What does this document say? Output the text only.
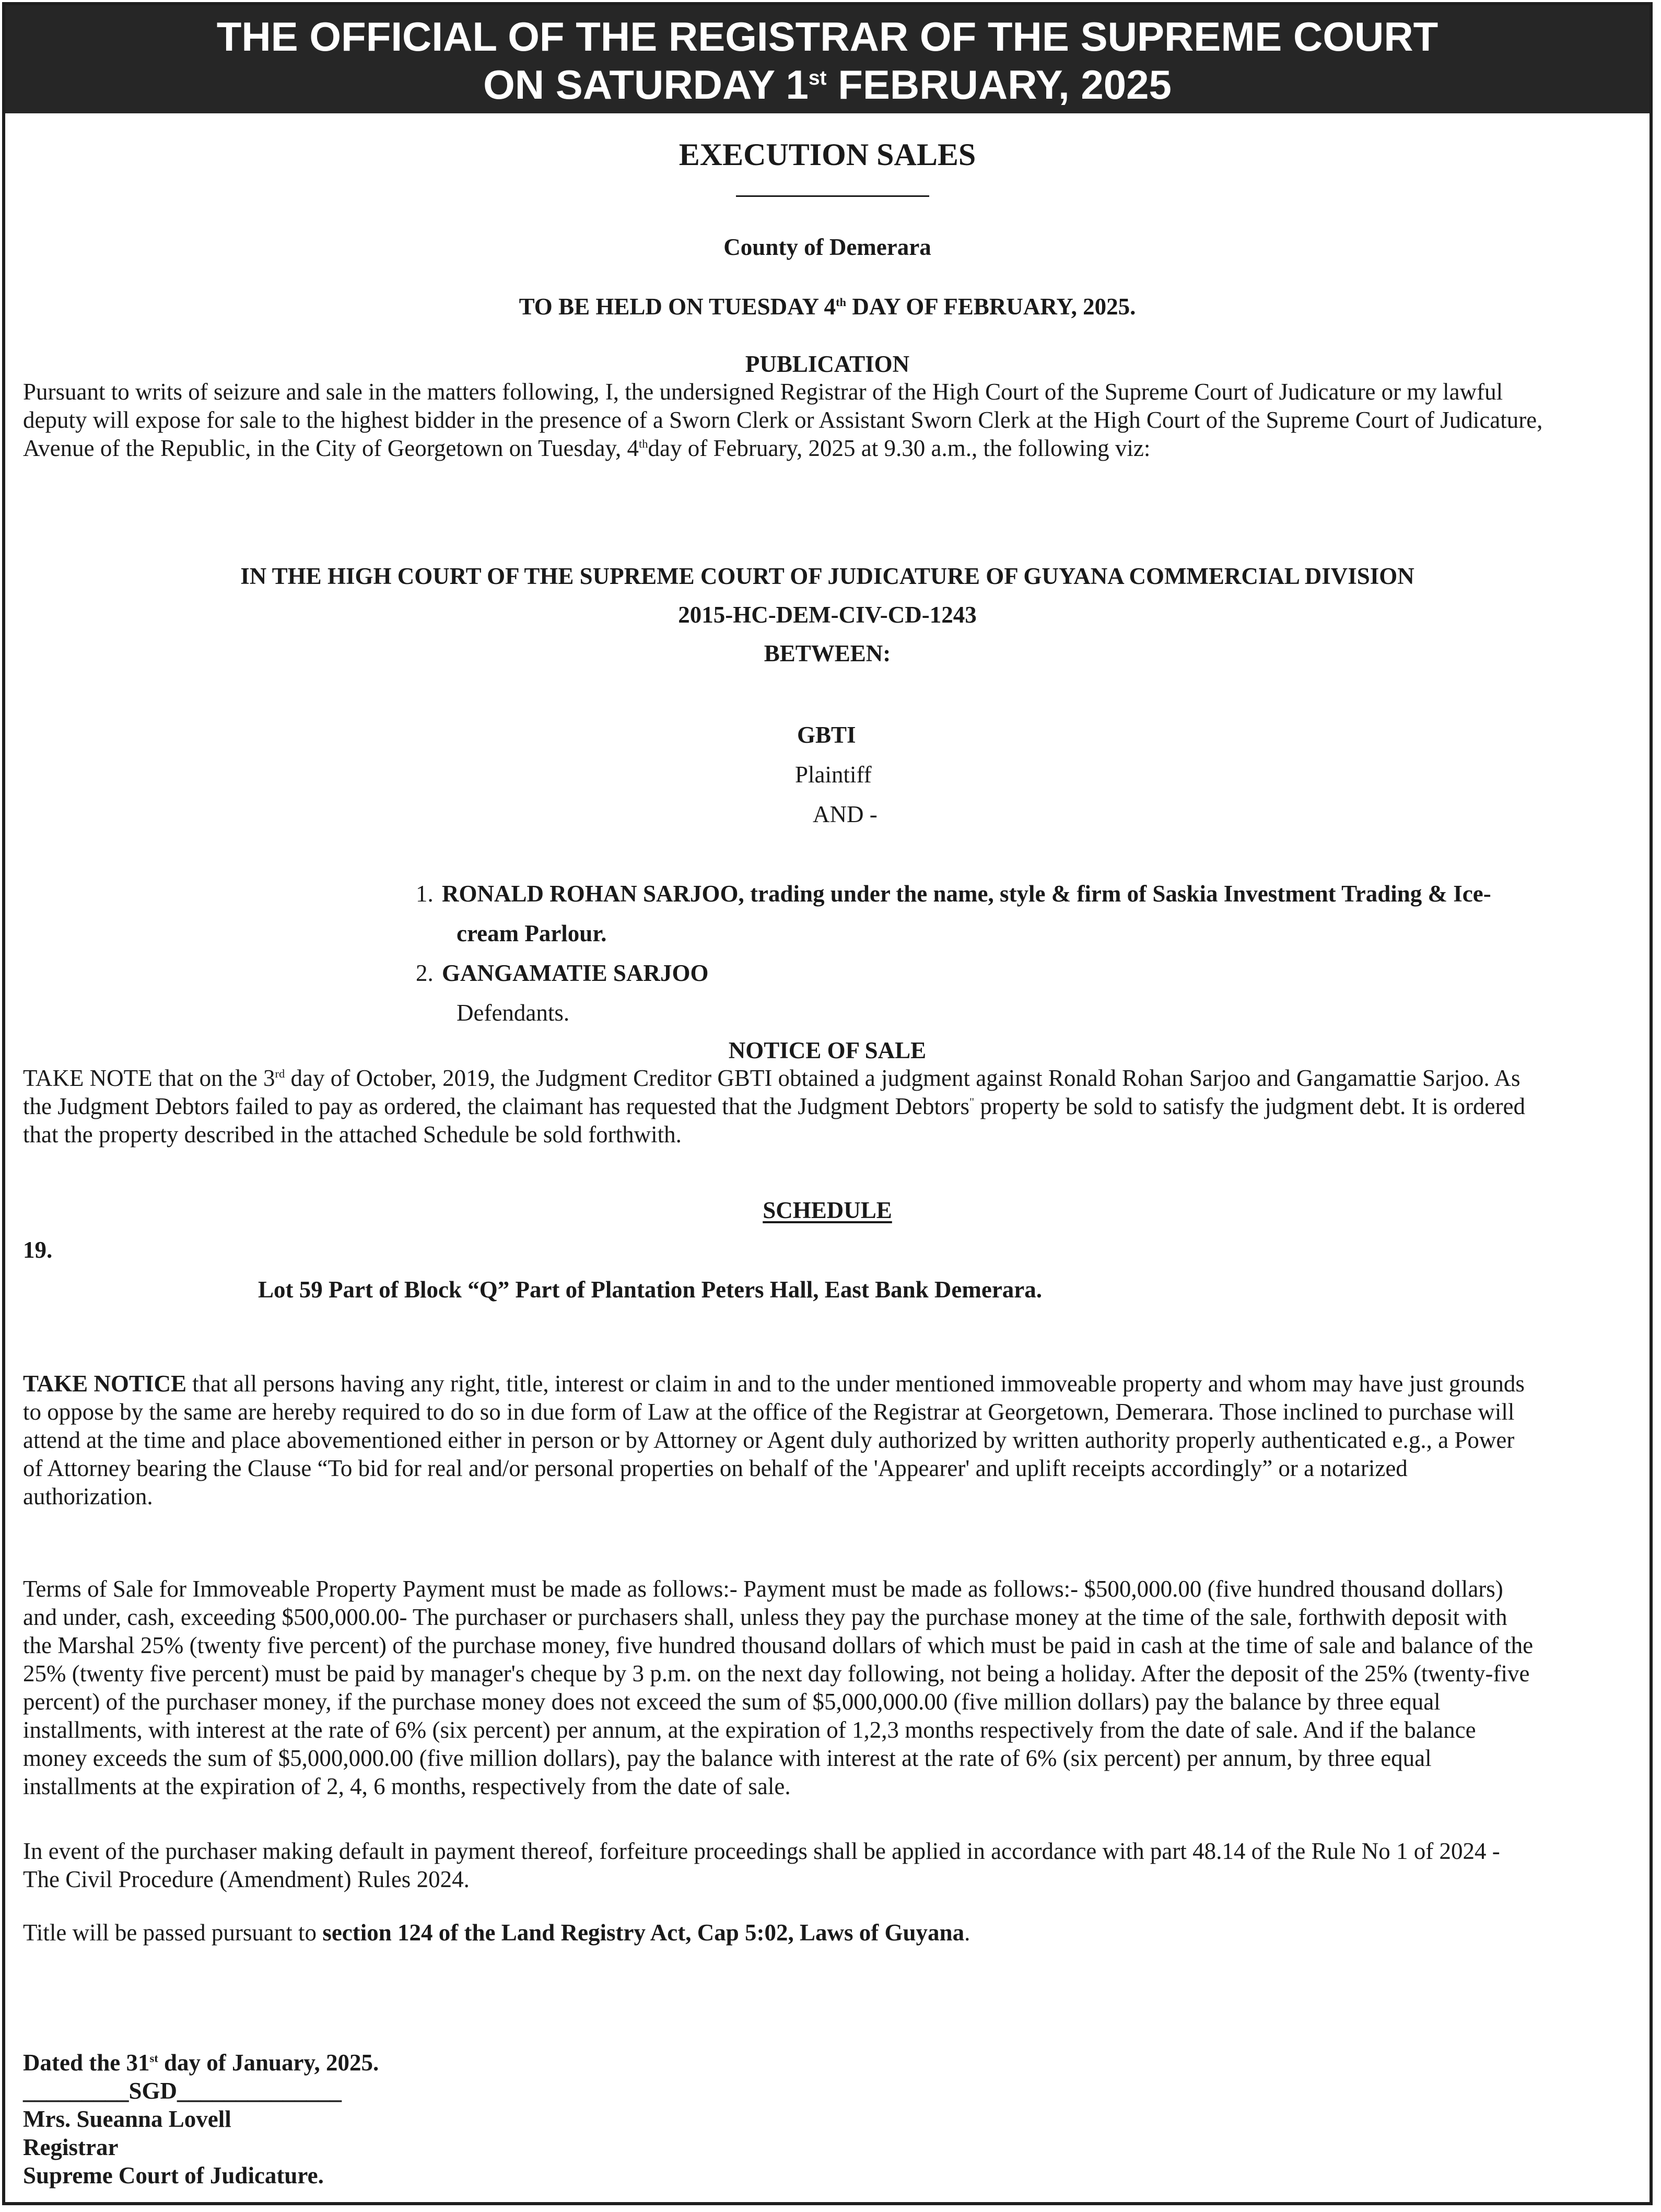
THE OFFICIAL OF THE REGISTRAR OF THE SUPREME COURT
ON SATURDAY 1st FEBRUARY, 2025

EXECUTION SALES

County of Demerara

TO BE HELD ON TUESDAY 4th DAY OF FEBRUARY, 2025.

PUBLICATION

Pursuant to writs of seizure and sale in the matters following, I, the undersigned Registrar of the High Court of the Supreme Court of Judicature or my lawful
deputy will expose for sale to the highest bidder in the presence of a Sworn Clerk or Assistant Sworn Clerk at the High Court of the Supreme Court of Judicature,
Avenue of the Republic, in the City of Georgetown on Tuesday, 4thday of February, 2025 at 9.30 a.m., the following viz:

IN THE HIGH COURT OF THE SUPREME COURT OF JUDICATURE OF GUYANA COMMERCIAL DIVISION

2015-HC-DEM-CIV-CD-1243

BETWEEN:

GBTI

Plaintiff

AND -

1. RONALD ROHAN SARJOO, trading under the name, style & firm of Saskia Investment Trading & Ice-

cream Parlour.

2. GANGAMATIE SARJOO

Defendants.

NOTICE OF SALE

TAKE NOTE that on the 3rd day of October, 2019, the Judgment Creditor GBTI obtained a judgment against Ronald Rohan Sarjoo and Gangamattie Sarjoo. As
the Judgment Debtors failed to pay as ordered, the claimant has requested that the Judgment Debtors" property be sold to satisfy the judgment debt. It is ordered
that the property described in the attached Schedule be sold forthwith.

SCHEDULE

19.

Lot 59 Part of Block “Q” Part of Plantation Peters Hall, East Bank Demerara.

TAKE NOTICE that all persons having any right, title, interest or claim in and to the under mentioned immoveable property and whom may have just grounds
to oppose by the same are hereby required to do so in due form of Law at the office of the Registrar at Georgetown, Demerara. Those inclined to purchase will
attend at the time and place abovementioned either in person or by Attorney or Agent duly authorized by written authority properly authenticated e.g., a Power
of Attorney bearing the Clause “To bid for real and/or personal properties on behalf of the 'Appearer' and uplift receipts accordingly” or a notarized
authorization.
Terms of Sale for Immoveable Property Payment must be made as follows:- Payment must be made as follows:- $500,000.00 (five hundred thousand dollars)
and under, cash, exceeding $500,000.00- The purchaser or purchasers shall, unless they pay the purchase money at the time of the sale, forthwith deposit with
the Marshal 25% (twenty five percent) of the purchase money, five hundred thousand dollars of which must be paid in cash at the time of sale and balance of the
25% (twenty five percent) must be paid by manager's cheque by 3 p.m. on the next day following, not being a holiday. After the deposit of the 25% (twenty-five
percent) of the purchaser money, if the purchase money does not exceed the sum of $5,000,000.00 (five million dollars) pay the balance by three equal
installments, with interest at the rate of 6% (six percent) per annum, at the expiration of 1,2,3 months respectively from the date of sale. And if the balance
money exceeds the sum of $5,000,000.00 (five million dollars), pay the balance with interest at the rate of 6% (six percent) per annum, by three equal
installments at the expiration of 2, 4, 6 months, respectively from the date of sale.
In event of the purchaser making default in payment thereof, forfeiture proceedings shall be applied in accordance with part 48.14 of the Rule No 1 of 2024 -
The Civil Procedure (Amendment) Rules 2024.

Title will be passed pursuant to section 124 of the Land Registry Act, Cap 5:02, Laws of Guyana.

Dated the 31st day of January, 2025.
_________SGD______________
Mrs. Sueanna Lovell
Registrar
Supreme Court of Judicature.
